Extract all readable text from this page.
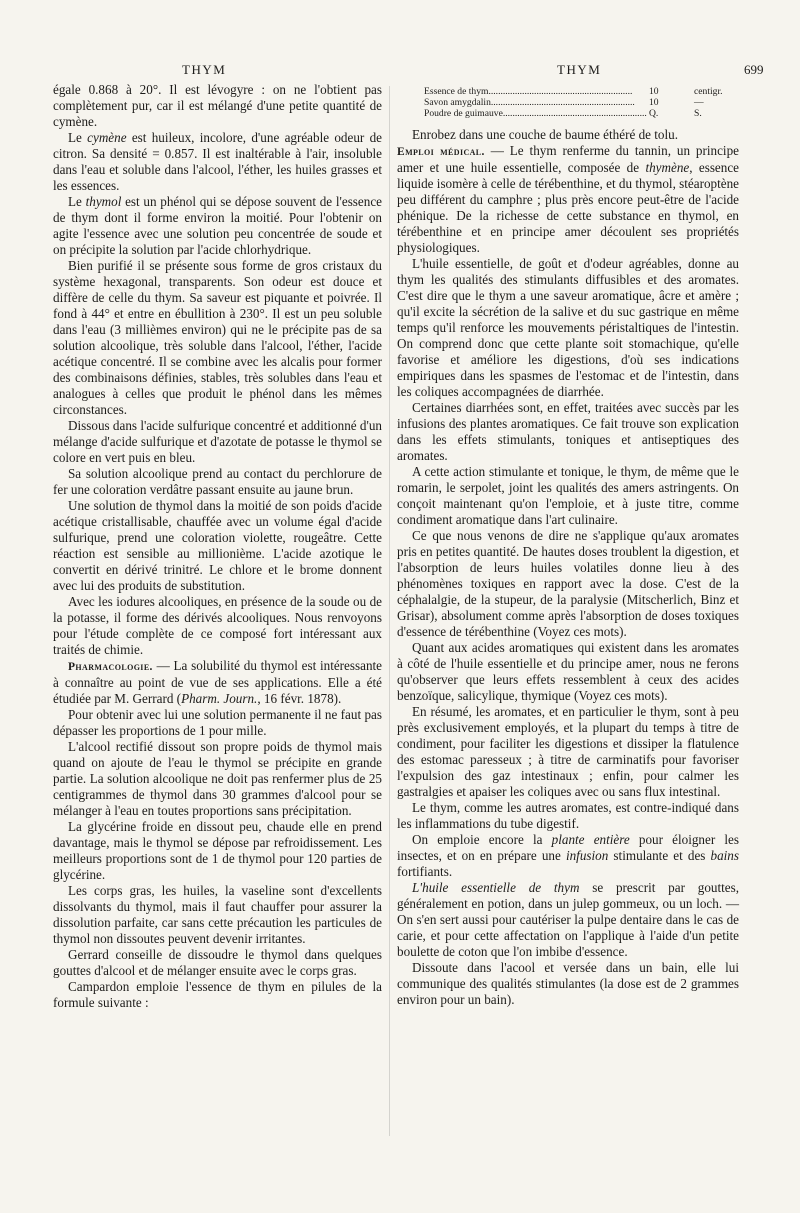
THYM	THYM	699

égale 0.868 à 20°. Il est lévogyre : on ne l'obtient pas complètement pur, car il est mélangé d'une petite quantité de cymène.

Le cymène est huileux, incolore, d'une agréable odeur de citron. Sa densité = 0.857. Il est inaltérable à l'air, insoluble dans l'eau et soluble dans l'alcool, l'éther, les huiles grasses et les essences.

Le thymol est un phénol qui se dépose souvent de l'essence de thym dont il forme environ la moitié. Pour l'obtenir on agite l'essence avec une solution peu concentrée de soude et on précipite la solution par l'acide chlorhydrique.

Bien purifié il se présente sous forme de gros cristaux du système hexagonal, transparents. Son odeur est douce et diffère de celle du thym. Sa saveur est piquante et poivrée. Il fond à 44° et entre en ébullition à 230°. Il est un peu soluble dans l'eau (3 millièmes environ) qui ne le précipite pas de sa solution alcoolique, très soluble dans l'alcool, l'éther, l'acide acétique concentré. Il se combine avec les alcalis pour former des combinaisons définies, stables, très solubles dans l'eau et analogues à celles que produit le phénol dans les mêmes circonstances.

Dissous dans l'acide sulfurique concentré et additionné d'un mélange d'acide sulfurique et d'azotate de potasse le thymol se colore en vert puis en bleu.

Sa solution alcoolique prend au contact du perchlorure de fer une coloration verdâtre passant ensuite au jaune brun.

Une solution de thymol dans la moitié de son poids d'acide acétique cristallisable, chauffée avec un volume égal d'acide sulfurique, prend une coloration violette, rougeâtre. Cette réaction est sensible au millionième. L'acide azotique le convertit en dérivé trinitré. Le chlore et le brome donnent avec lui des produits de substitution.

Avec les iodures alcooliques, en présence de la soude ou de la potasse, il forme des dérivés alcooliques. Nous renvoyons pour l'étude complète de ce composé fort intéressant aux traités de chimie.

Pharmacologie. — La solubilité du thymol est intéressante à connaître au point de vue de ses applications. Elle a été étudiée par M. Gerrard (Pharm. Journ., 16 févr. 1878).

Pour obtenir avec lui une solution permanente il ne faut pas dépasser les proportions de 1 pour mille.

L'alcool rectifié dissout son propre poids de thymol mais quand on ajoute de l'eau le thymol se précipite en grande partie. La solution alcoolique ne doit pas renfermer plus de 25 centigrammes de thymol dans 30 grammes d'alcool pour se mélanger à l'eau en toutes proportions sans précipitation.

La glycérine froide en dissout peu, chaude elle en prend davantage, mais le thymol se dépose par refroidissement. Les meilleurs proportions sont de 1 de thymol pour 120 parties de glycérine.

Les corps gras, les huiles, la vaseline sont d'excellents dissolvants du thymol, mais il faut chauffer pour assurer la dissolution parfaite, car sans cette précaution les particules de thymol non dissoutes peuvent devenir irritantes.

Gerrard conseille de dissoudre le thymol dans quelques gouttes d'alcool et de mélanger ensuite avec le corps gras.

Campardon emploie l'essence de thym en pilules de la formule suivante :

Essence de thym............................................................	10	centigr.
Savon amygdalin............................................................	10	—
Poudre de guimauve............................................................ Q.	S.

Enrobez dans une couche de baume éthéré de tolu.

Emploi médical. — Le thym renferme du tannin, un principe amer et une huile essentielle, composée de thymène, essence liquide isomère à celle de térébenthine, et du thymol, stéaroptène peu différent du camphre ; plus près encore peut-être de l'acide phénique. De la richesse de cette substance en thymol, en térébenthine et en principe amer découlent ses propriétés physiologiques.

L'huile essentielle, de goût et d'odeur agréables, donne au thym les qualités des stimulants diffusibles et des aromates. C'est dire que le thym a une saveur aromatique, âcre et amère ; qu'il excite la sécrétion de la salive et du suc gastrique en même temps qu'il renforce les mouvements péristaltiques de l'intestin. On comprend donc que cette plante soit stomachique, qu'elle favorise et améliore les digestions, d'où ses indications empiriques dans les spasmes de l'estomac et de l'intestin, dans les coliques accompagnées de diarrhée.

Certaines diarrhées sont, en effet, traitées avec succès par les infusions des plantes aromatiques. Ce fait trouve son explication dans les effets stimulants, toniques et antiseptiques des aromates.

A cette action stimulante et tonique, le thym, de même que le romarin, le serpolet, joint les qualités des amers astringents. On conçoit maintenant qu'on l'emploie, et à juste titre, comme condiment aromatique dans l'art culinaire.

Ce que nous venons de dire ne s'applique qu'aux aromates pris en petites quantité. De hautes doses troublent la digestion, et l'absorption de leurs huiles volatiles donne lieu à des phénomènes toxiques en rapport avec la dose. C'est de la céphalalgie, de la stupeur, de la paralysie (Mitscherlich, Binz et Grisar), absolument comme après l'absorption de doses toxiques d'essence de térébenthine (Voyez ces mots).

Quant aux acides aromatiques qui existent dans les aromates à côté de l'huile essentielle et du principe amer, nous ne ferons qu'observer que leurs effets ressemblent à ceux des acides benzoïque, salicylique, thymique (Voyez ces mots).

En résumé, les aromates, et en particulier le thym, sont à peu près exclusivement employés, et la plupart du temps à titre de condiment, pour faciliter les digestions et dissiper la flatulence des estomac paresseux ; à titre de carminatifs pour favoriser l'expulsion des gaz intestinaux ; enfin, pour calmer les gastralgies et apaiser les coliques avec ou sans flux intestinal.

Le thym, comme les autres aromates, est contre-indiqué dans les inflammations du tube digestif.

On emploie encore la plante entière pour éloigner les insectes, et on en prépare une infusion stimulante et des bains fortifiants.

L'huile essentielle de thym se prescrit par gouttes, généralement en potion, dans un julep gommeux, ou un loch. — On s'en sert aussi pour cautériser la pulpe dentaire dans le cas de carie, et pour cette affectation on l'applique à l'aide d'un petite boulette de coton que l'on imbibe d'essence.

Dissoute dans l'acool et versée dans un bain, elle lui communique des qualités stimulantes (la dose est de 2 grammes environ pour un bain).
